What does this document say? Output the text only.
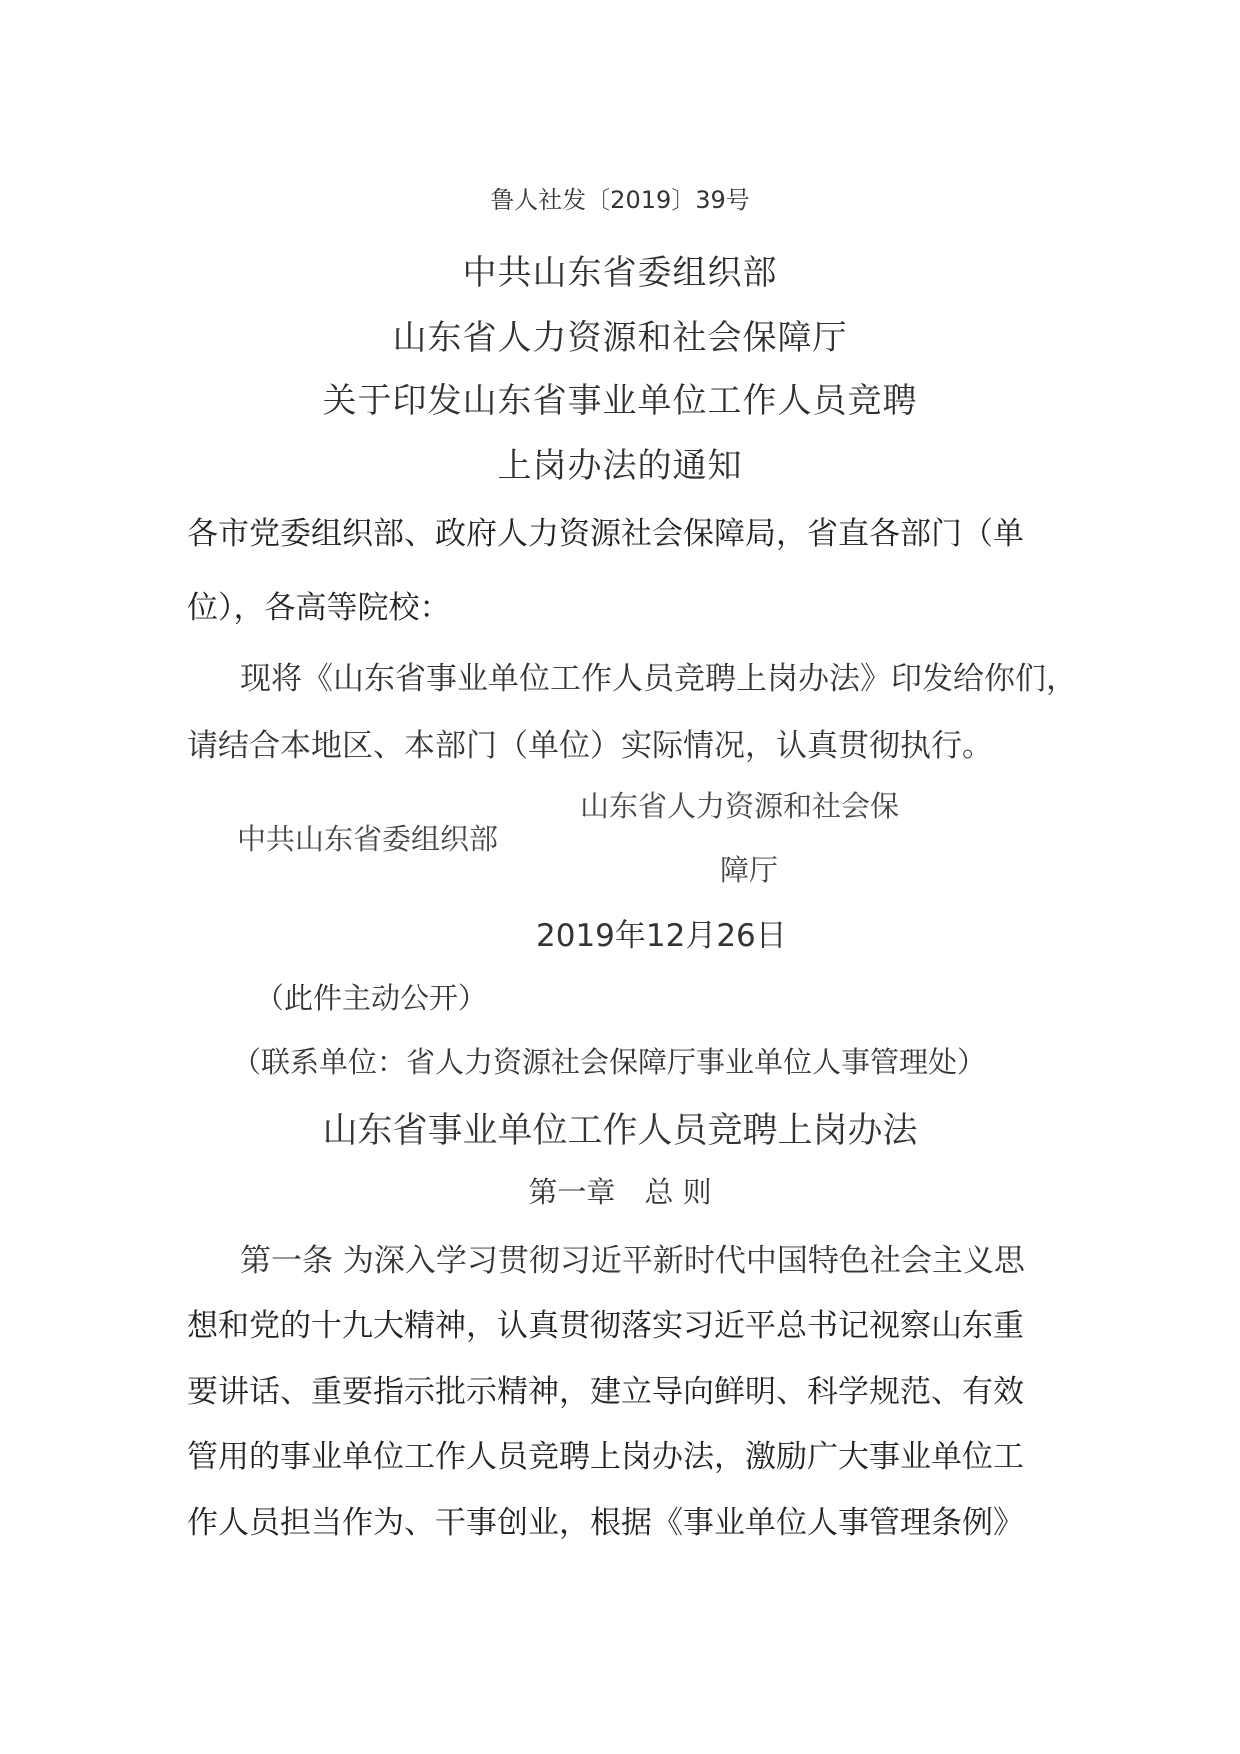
鲁人社发〔2019〕39号
中共山东省委组织部
山东省人力资源和社会保障厅
关于印发山东省事业单位工作人员竞聘
上岗办法的通知
各市党委组织部、政府人力资源社会保障局，省直各部门（单
位），各高等院校：
现将《山东省事业单位工作人员竞聘上岗办法》印发给你们，
请结合本地区、本部门（单位）实际情况，认真贯彻执行。
中共山东省委组织部
山东省人力资源和社会保
障厅
2019年12月26日
（此件主动公开）
（联系单位：省人力资源社会保障厅事业单位人事管理处）
山东省事业单位工作人员竞聘上岗办法
第一章　总 则
第一条 为深入学习贯彻习近平新时代中国特色社会主义思
想和党的十九大精神，认真贯彻落实习近平总书记视察山东重
要讲话、重要指示批示精神，建立导向鲜明、科学规范、有效
管用的事业单位工作人员竞聘上岗办法，激励广大事业单位工
作人员担当作为、干事创业，根据《事业单位人事管理条例》
